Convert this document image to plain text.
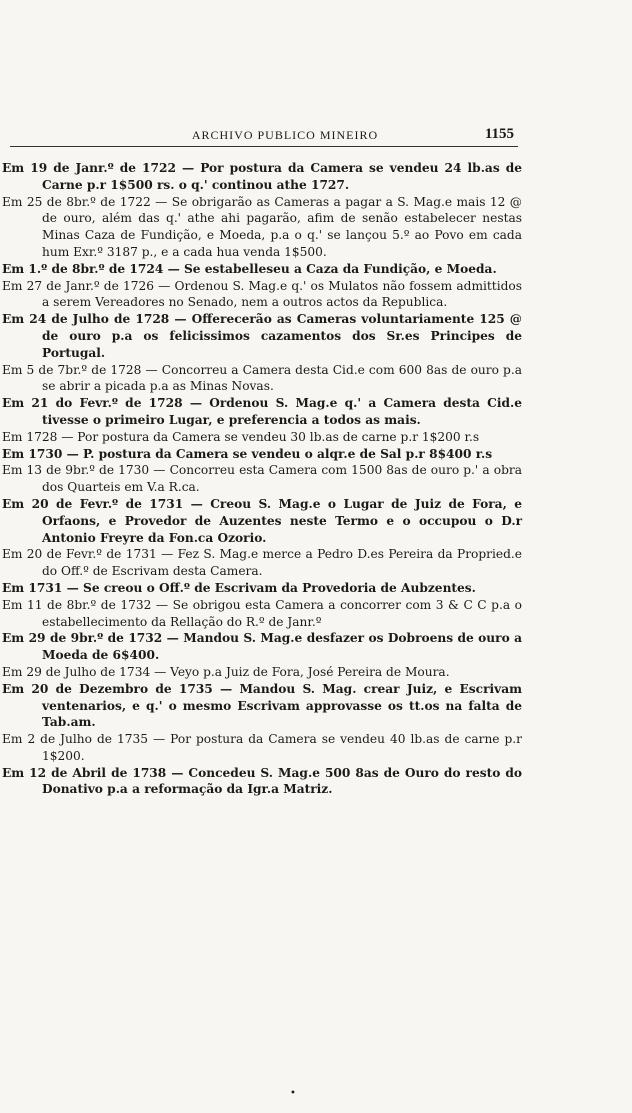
ARCHIVO PUBLICO MINEIRO	1155

Em 19 de Janr.º de 1722 — Por postura da Camera se vendeu 24 lb.as de Carne p.r 1$500 rs. o q.' continou athe 1727.

Em 25 de 8br.º de 1722 — Se obrigarão as Cameras a pagar a S. Mag.e mais 12 @ de ouro, além das q.' athe ahi pagarão, afim de senão estabelecer nestas Minas Caza de Fundição, e Moeda, p.a o q.' se lançou 5.º ao Povo em cada hum Exr.º 3187 p., e a cada hua venda 1$500.

Em 1.º de 8br.º de 1724 — Se estabelleseu a Caza da Fundição, e Moeda.

Em 27 de Janr.º de 1726 — Ordenou S. Mag.e q.' os Mulatos não fossem admittidos a serem Vereadores no Senado, nem a outros actos da Republica.

Em 24 de Julho de 1728 — Offerecerão as Cameras voluntariamente 125 @ de ouro p.a os felicissimos cazamentos dos Sr.es Principes de Portugal.

Em 5 de 7br.º de 1728 — Concorreu a Camera desta Cid.e com 600 8as de ouro p.a se abrir a picada p.a as Minas Novas.

Em 21 do Fevr.º de 1728 — Ordenou S. Mag.e q.' a Camera desta Cid.e tivesse o primeiro Lugar, e preferencia a todos as mais.

Em 1728 — Por postura da Camera se vendeu 30 lb.as de carne p.r 1$200 r.s

Em 1730 — P. postura da Camera se vendeu o alqr.e de Sal p.r 8$400 r.s

Em 13 de 9br.º de 1730 — Concorreu esta Camera com 1500 8as de ouro p.' a obra dos Quarteis em V.a R.ca.

Em 20 de Fevr.º de 1731 — Creou S. Mag.e o Lugar de Juiz de Fora, e Orfaons, e Provedor de Auzentes neste Termo e o occupou o D.r Antonio Freyre da Fon.ca Ozorio.

Em 20 de Fevr.º de 1731 — Fez S. Mag.e merce a Pedro D.es Pereira da Propried.e do Off.º de Escrivam desta Camera.

Em 1731 — Se creou o Off.º de Escrivam da Provedoria de Aubzentes.

Em 11 de 8br.º de 1732 — Se obrigou esta Camera a concorrer com 3 & C C p.a o estabellecimento da Rellação do R.º de Janr.º

Em 29 de 9br.º de 1732 — Mandou S. Mag.e desfazer os Dobroens de ouro a Moeda de 6$400.

Em 29 de Julho de 1734 — Veyo p.a Juiz de Fora, José Pereira de Moura.

Em 20 de Dezembro de 1735 — Mandou S. Mag. crear Juiz, e Escrivam ventenarios, e q.' o mesmo Escrivam approvasse os tt.os na falta de Tab.am.

Em 2 de Julho de 1735 — Por postura da Camera se vendeu 40 lb.as de carne p.r 1$200.

Em 12 de Abril de 1738 — Concedeu S. Mag.e 500 8as de Ouro do resto do Donativo p.a a reformação da Igr.a Matriz.

•
